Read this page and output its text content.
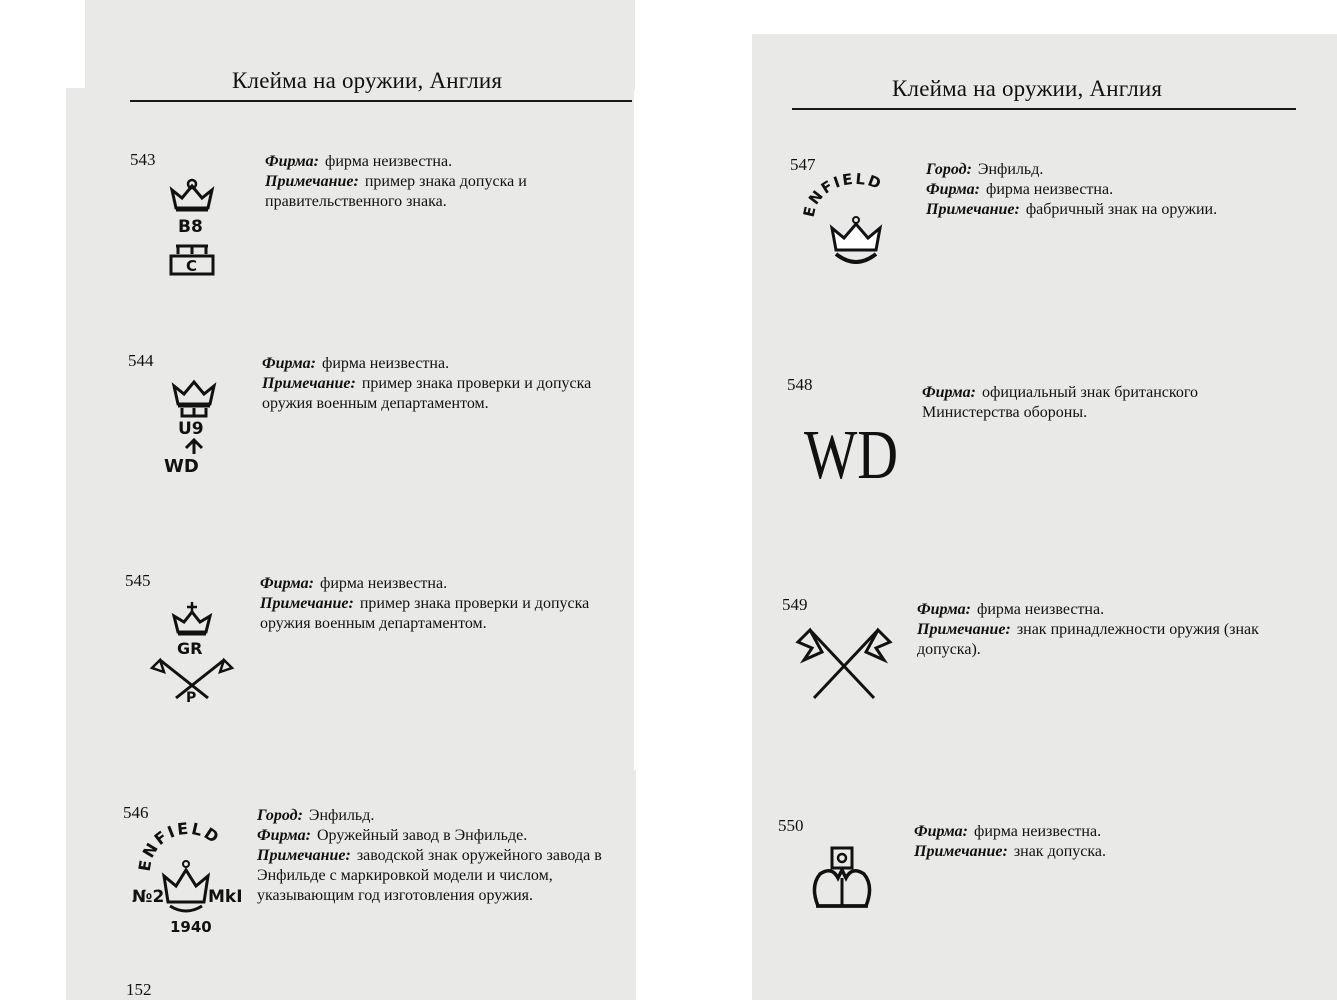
Клейма на оружии, Англия
543
B8
C
Фирма: фирма неизвестна.
Примечание: пример знака допуска и правительственного знака.
544
U9
WD
Фирма: фирма неизвестна.
Примечание: пример знака проверки и допуска оружия военным департаментом.
545
GR
P
Фирма: фирма неизвестна.
Примечание: пример знака проверки и допуска оружия военным департаментом.
546
ENFIELD
№2	MkI
1940
Город: Энфильд.
Фирма: Оружейный завод в Энфильде.
Примечание: заводской знак оружейного завода в Энфильде с маркировкой модели и числом, указывающим год изготовления оружия.
152
Клейма на оружии, Англия
547
ENFIELD
Город: Энфильд.
Фирма: фирма неизвестна.
Примечание: фабричный знак на оружии.
548
WD
Фирма: официальный знак британского Министерства обороны.
549	Фирма: фирма неизвестна.
Примечание: знак принадлежности оружия (знак допуска).
550	Фирма: фирма неизвестна.
Примечание: знак допуска.
